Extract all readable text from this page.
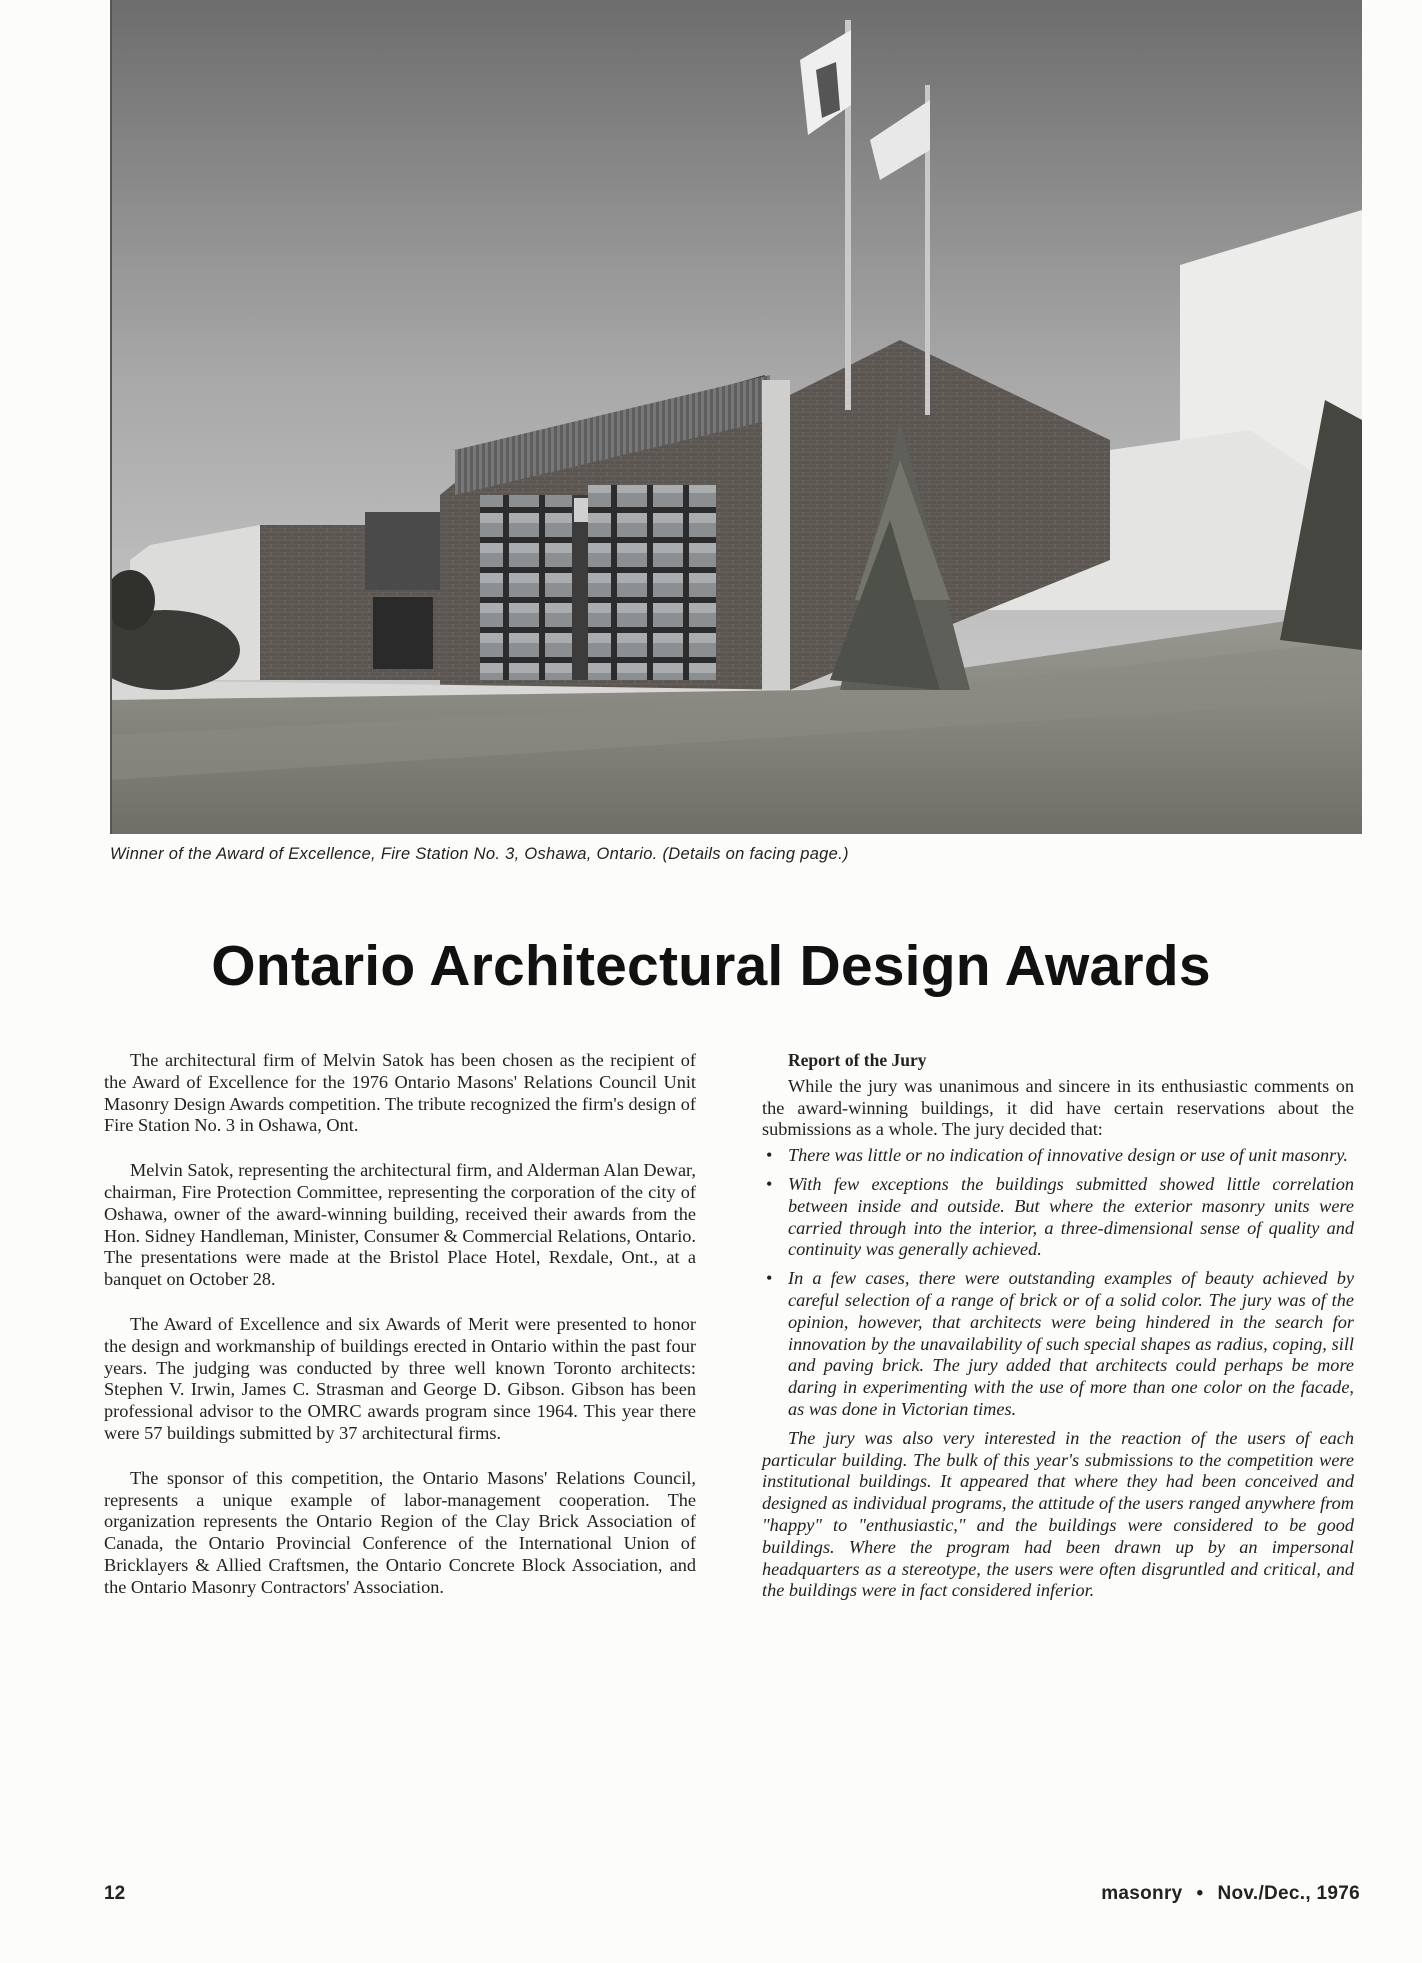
Winner of the Award of Excellence, Fire Station No. 3, Oshawa, Ontario. (Details on facing page.)
Ontario Architectural Design Awards

The architectural firm of Melvin Satok has been chosen as the recipient of the Award of Excellence for the 1976 Ontario Masons' Relations Council Unit Masonry Design Awards competition. The tribute recognized the firm's design of Fire Station No. 3 in Oshawa, Ont.

Melvin Satok, representing the architectural firm, and Alderman Alan Dewar, chairman, Fire Protection Committee, representing the corporation of the city of Oshawa, owner of the award-winning building, received their awards from the Hon. Sidney Handleman, Minister, Consumer & Commercial Relations, Ontario. The presentations were made at the Bristol Place Hotel, Rexdale, Ont., at a banquet on October 28.

The Award of Excellence and six Awards of Merit were presented to honor the design and workmanship of buildings erected in Ontario within the past four years. The judging was conducted by three well known Toronto architects: Stephen V. Irwin, James C. Strasman and George D. Gibson. Gibson has been professional advisor to the OMRC awards program since 1964. This year there were 57 buildings submitted by 37 architectural firms.

The sponsor of this competition, the Ontario Masons' Relations Council, represents a unique example of labor-management cooperation. The organization represents the Ontario Region of the Clay Brick Association of Canada, the Ontario Provincial Conference of the International Union of Bricklayers & Allied Craftsmen, the Ontario Concrete Block Association, and the Ontario Masonry Contractors' Association.

Report of the Jury

While the jury was unanimous and sincere in its enthusiastic comments on the award-winning buildings, it did have certain reservations about the submissions as a whole. The jury decided that:

• There was little or no indication of innovative design or use of unit masonry.
• With few exceptions the buildings submitted showed little correlation between inside and outside. But where the exterior masonry units were carried through into the interior, a three-dimensional sense of quality and continuity was generally achieved.
• In a few cases, there were outstanding examples of beauty achieved by careful selection of a range of brick or of a solid color. The jury was of the opinion, however, that architects were being hindered in the search for innovation by the unavailability of such special shapes as radius, coping, sill and paving brick. The jury added that architects could perhaps be more daring in experimenting with the use of more than one color on the facade, as was done in Victorian times.

The jury was also very interested in the reaction of the users of each particular building. The bulk of this year's submissions to the competition were institutional buildings. It appeared that where they had been conceived and designed as individual programs, the attitude of the users ranged anywhere from "happy" to "enthusiastic," and the buildings were considered to be good buildings. Where the program had been drawn up by an impersonal headquarters as a stereotype, the users were often disgruntled and critical, and the buildings were in fact considered inferior.

12	masonry • Nov./Dec., 1976
